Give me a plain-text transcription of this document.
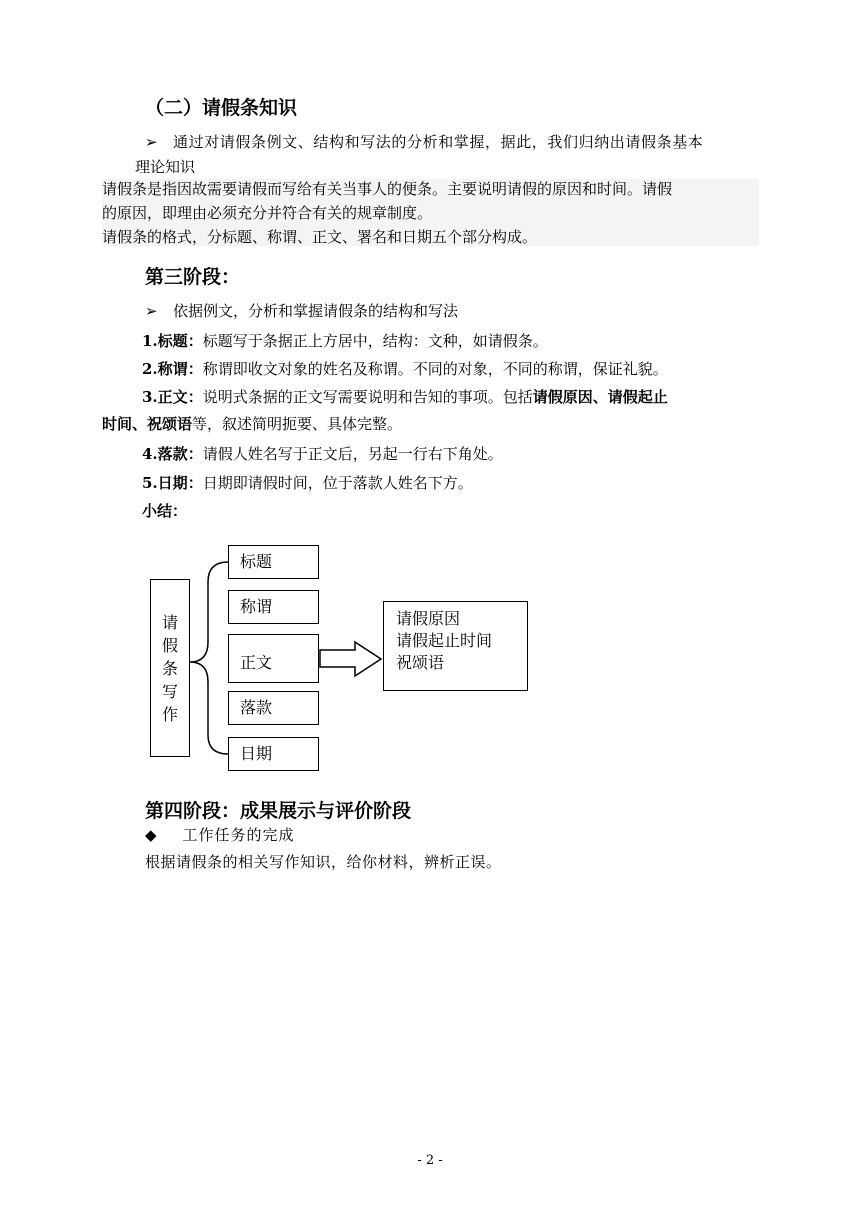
（二）请假条知识
➢ 通过对请假条例文、结构和写法的分析和掌握，据此，我们归纳出请假条基本
理论知识
请假条是指因故需要请假而写给有关当事人的便条。主要说明请假的原因和时间。请假
的原因，即理由必须充分并符合有关的规章制度。
请假条的格式，分标题、称谓、正文、署名和日期五个部分构成。
第三阶段：
➢ 依据例文，分析和掌握请假条的结构和写法
1.标题：标题写于条据正上方居中，结构：文种，如请假条。
2.称谓：称谓即收文对象的姓名及称谓。不同的对象，不同的称谓，保证礼貌。
3.正文：说明式条据的正文写需要说明和告知的事项。包括请假原因、请假起止
时间、祝颂语等，叙述简明扼要、具体完整。
4.落款：请假人姓名写于正文后，另起一行右下角处。
5.日期：日期即请假时间，位于落款人姓名下方。
小结：
请
假
条
写
作
标题
称谓
正文
落款
日期
请假原因
请假起止时间
祝颂语
第四阶段：成果展示与评价阶段
◆ 工作任务的完成
根据请假条的相关写作知识，给你材料，辨析正误。
- 2 -
